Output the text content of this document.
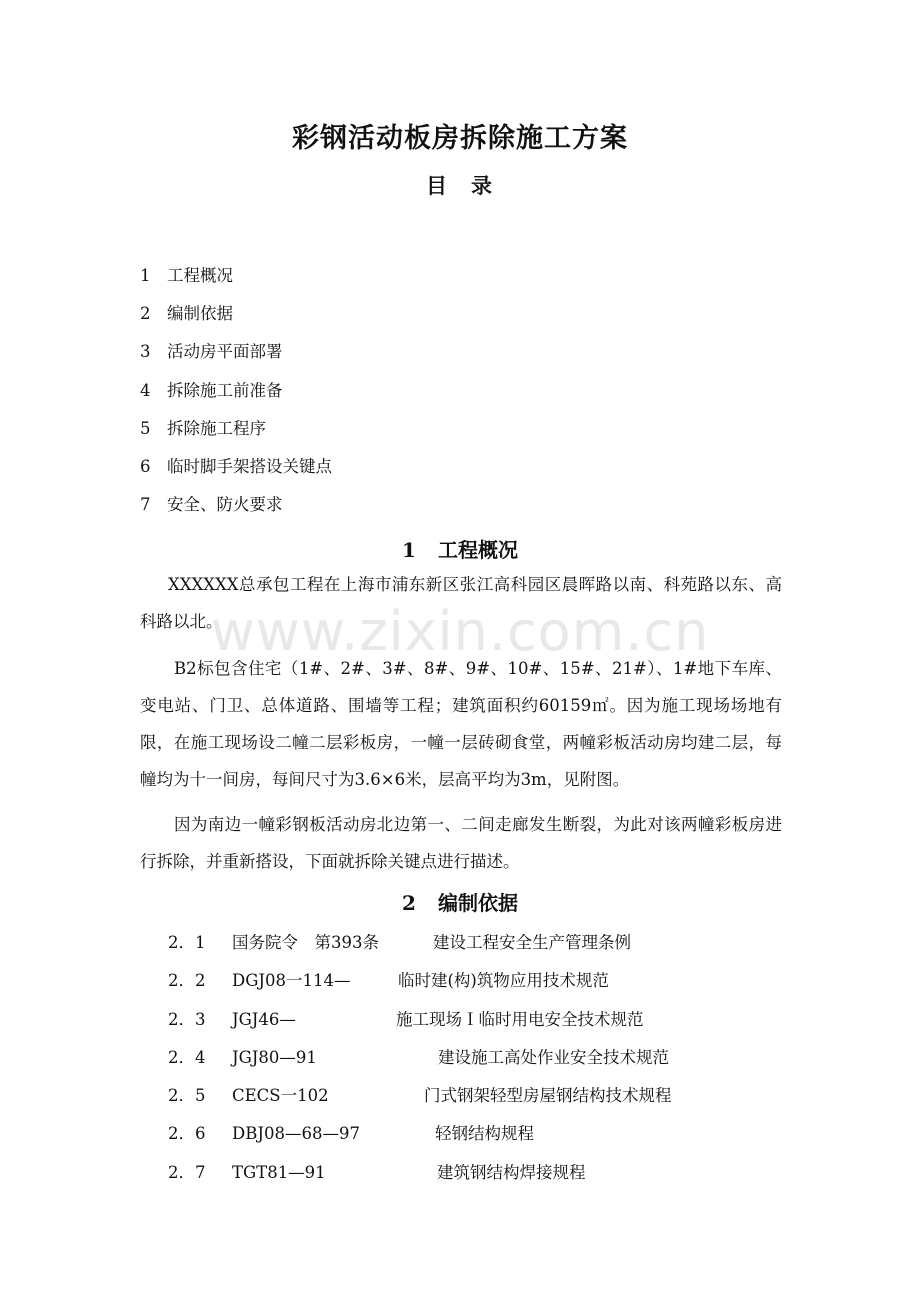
www.zixin.com.cn
彩钢活动板房拆除施工方案
目 录
1 工程概况
2 编制依据
3 活动房平面部署
4 拆除施工前准备
5 拆除施工程序
6 临时脚手架搭设关键点
7 安全、防火要求
1 工程概况

XXXXXX总承包工程在上海市浦东新区张江高科园区晨晖路以南、科苑路以东、高科路以北。

B2标包含住宅（1#、2#、3#、8#、9#、10#、15#、21#）、1#地下车库、变电站、门卫、总体道路、围墙等工程；建筑面积约60159㎡。因为施工现场场地有限，在施工现场设二幢二层彩板房，一幢一层砖砌食堂，两幢彩板活动房均建二层，每幢均为十一间房，每间尺寸为3.6×6米，层高平均为3m，见附图。

因为南边一幢彩钢板活动房北边第一、二间走廊发生断裂，为此对该两幢彩板房进行拆除，并重新搭设，下面就拆除关键点进行描述。

2 编制依据
2．1 国务院令　第393条	建设工程安全生产管理条例
2．2 DGJ08一114—	临时建(构)筑物应用技术规范
2．3 JGJ46—	施工现场Ｉ临时用电安全技术规范
2．4 JGJ80—91	建设施工高处作业安全技术规范
2．5 CECS一102	门式钢架轻型房屋钢结构技术规程
2．6 DBJ08—68—97	轻钢结构规程
2．7 TGT81—91	建筑钢结构焊接规程
